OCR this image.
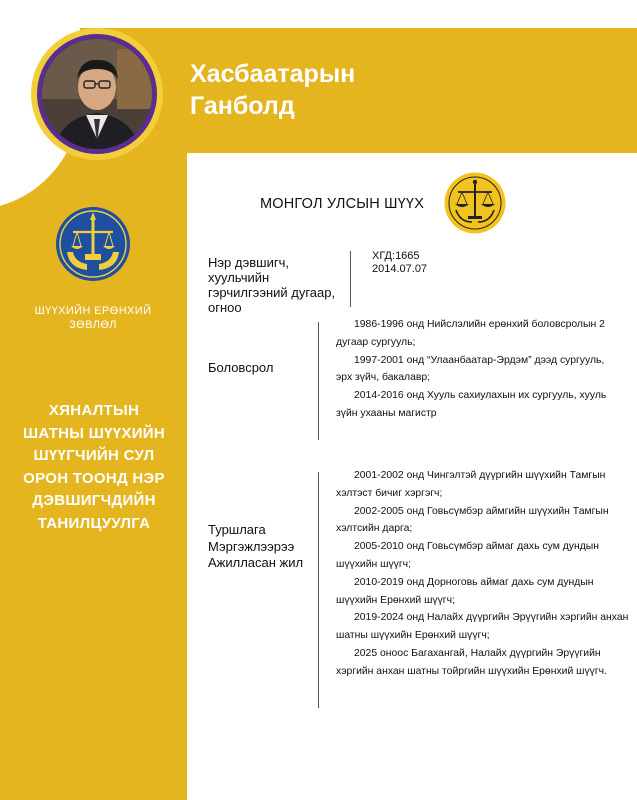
Хасбаатарын
Ганболд
ШҮҮХИЙН ЕРӨНХИЙ
ЗӨВЛӨЛ
ХЯНАЛТЫН
ШАТНЫ ШҮҮХИЙН
ШҮҮГЧИЙН СУЛ
ОРОН ТООНД НЭР
ДЭВШИГЧДИЙН
ТАНИЛЦУУЛГА
МОНГОЛ УЛСЫН ШҮҮХ
Нэр дэвшигч,
хуульчийн
гэрчилгээний дугаар,
огноо
ХГД:1665
2014.07.07
Боловсрол

1986-1996 онд Нийслэлийн ерөнхий боловсролын 2 дугаар сургууль;

1997-2001 онд “Улаанбаатар-Эрдэм” дээд сургууль, эрх зүйч, бакалавр;

2014-2016 онд Хууль сахиулахын их сургууль, хууль зүйн ухааны магистр

Туршлага
Мэргэжлээрээ
Ажилласан жил

2001-2002 онд Чингэлтэй дүүргийн шүүхийн Тамгын хэлтэст бичиг хэргэгч;

2002-2005 онд Говьсүмбэр аймгийн шүүхийн Тамгын хэлтсийн дарга;

2005-2010 онд Говьсүмбэр аймаг дахь сум дундын шүүхийн шүүгч;

2010-2019 онд Дорноговь аймаг дахь сум дундын шүүхийн Ерөнхий шүүгч;

2019-2024 онд Налайх дүүргийн Эрүүгийн хэргийн анхан шатны шүүхийн Ерөнхий шүүгч;

2025 оноос Багахангай, Налайх дүүргийн Эрүүгийн хэргийн анхан шатны тойргийн шүүхийн Ерөнхий шүүгч.
